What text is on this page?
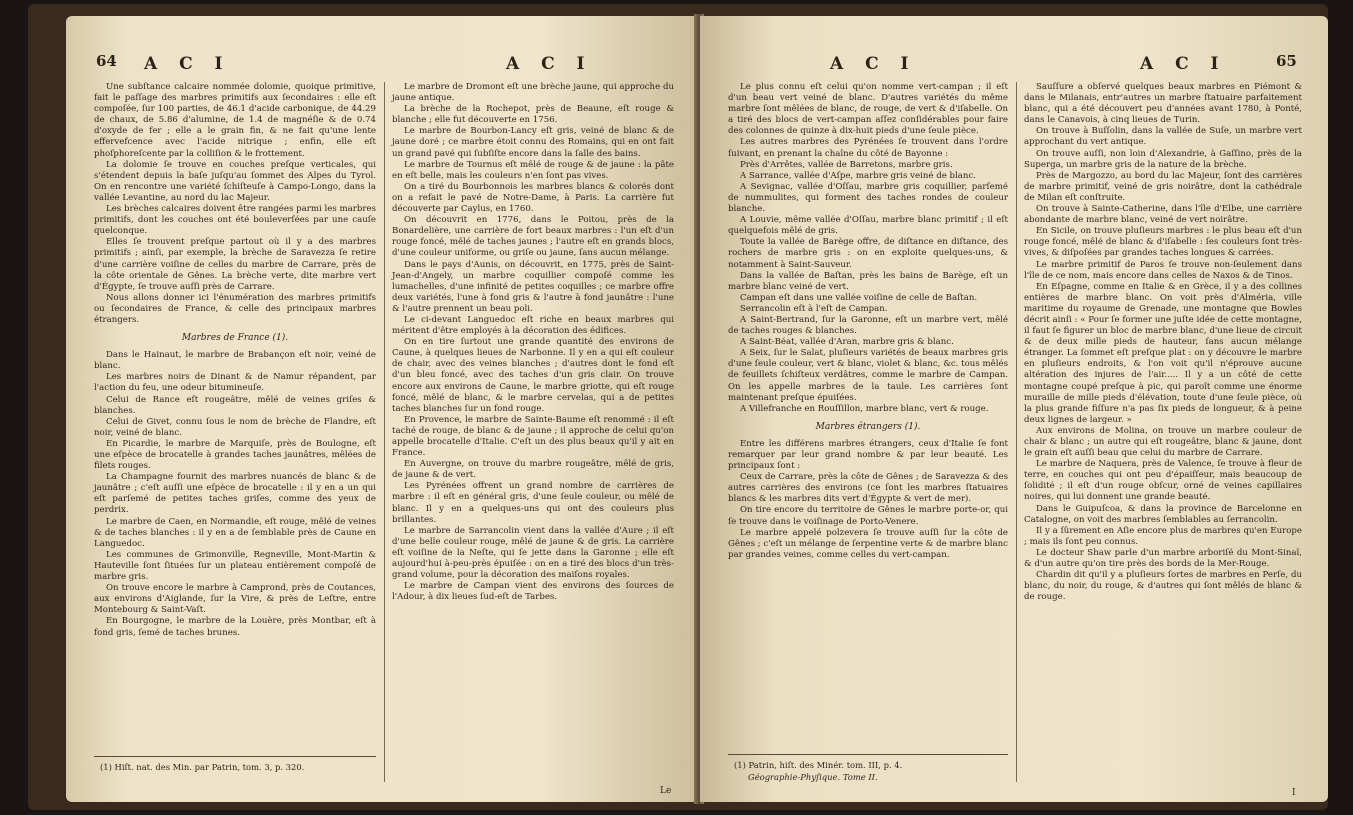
64 A C I	A C I

Une subſtance calcaire nommée dolomie, quoique primitive, fait le paſſage des marbres primitifs aux ſecondaires : elle eſt compoſée, ſur 100 parties, de 46.1 d'acide carbonique, de 44.29 de chaux, de 5.86 d'alumine, de 1.4 de magnéſie & de 0.74 d'oxyde de fer ; elle a le grain fin, & ne fait qu'une lente effervefcence avec l'acide nitrique ; enfin, elle eſt phoſphoreſcente par la colliſion & le frottement.

La dolomie ſe trouve en couches preſque verticales, qui s'étendent depuis la baſe juſqu'au ſommet des Alpes du Tyrol. On en rencontre une variété ſchiſteuſe à Campo-Longo, dans la vallée Levantine, au nord du lac Majeur.

Les brèches calcaires doivent être rangées parmi les marbres primitifs, dont les couches ont été bouleverſées par une cauſe quelconque.

Elles ſe trouvent preſque partout où il y a des marbres primitifs ; ainſi, par exemple, la brèche de Saravezza ſe retire d'une carrière voiſine de celles du marbre de Carrare, près de la côte orientale de Gênes. La brèche verte, dite marbre vert d'Égypte, ſe trouve auſſi près de Carrare.

Nous allons donner ici l'énumération des marbres primitifs ou ſecondaires de France, & celle des principaux marbres étrangers.

Marbres de France (1).

Dans le Hainaut, le marbre de Brabançon eſt noir, veiné de blanc.

Les marbres noirs de Dinant & de Namur répandent, par l'action du feu, une odeur bitumineuſe.

Celui de Rance eſt rougeâtre, mêlé de veines griſes & blanches.

Celui de Givet, connu ſous le nom de brèche de Flandre, eſt noir, veiné de blanc.

En Picardie, le marbre de Marquiſe, près de Boulogne, eſt une eſpèce de brocatelle à grandes taches jaunâtres, mêlées de filets rouges.

La Champagne fournit des marbres nuancés de blanc & de jaunâtre ; c'eſt auſſi une eſpèce de brocatelle : il y en a un qui eſt parſemé de petites taches griſes, comme des yeux de perdrix.

Le marbre de Caen, en Normandie, eſt rouge, mêlé de veines & de taches blanches : il y en a de ſemblable près de Caune en Languedoc.

Les communes de Grimonville, Regneville, Mont-Martin & Hauteville ſont ſituées ſur un plateau entièrement compoſé de marbre gris.

On trouve encore le marbre à Camprond, près de Coutances, aux environs d'Aiglande, ſur la Vire, & près de Leſtre, entre Montebourg & Saint-Vaſt.

En Bourgogne, le marbre de la Louère, près Montbar, eſt à fond gris, ſemé de taches brunes.

(1) Hiſt. nat. des Min. par Patrin, tom. 3, p. 320.

Le marbre de Dromont eſt une brèche jaune, qui approche du jaune antique.

La brèche de la Rochepot, près de Beaune, eſt rouge & blanche ; elle fut découverte en 1756.

Le marbre de Bourbon-Lancy eſt gris, veiné de blanc & de jaune doré ; ce marbre étoit connu des Romains, qui en ont fait un grand pavé qui ſubſiſte encore dans la ſalle des bains.

Le marbre de Tournus eſt mêlé de rouge & de jaune : la pâte en eſt belle, mais les couleurs n'en ſont pas vives.

On a tiré du Bourbonnois les marbres blancs & colorés dont on a refait le pavé de Notre-Dame, à Paris. La carrière fut découverte par Caylus, en 1760.

On découvrit en 1776, dans le Poitou, près de la Bonardelière, une carrière de fort beaux marbres : l'un eſt d'un rouge foncé, mêlé de taches jaunes ; l'autre eſt en grands blocs, d'une couleur uniforme, ou griſe ou jaune, ſans aucun mélange.

Dans le pays d'Aunis, on découvrit, en 1775, près de Saint-Jean-d'Angely, un marbre coquillier compoſé comme les lumachelles, d'une infinité de petites coquilles ; ce marbre offre deux variétés, l'une à fond gris & l'autre à fond jaunâtre : l'une & l'autre prennent un beau poli.

Le ci-devant Languedoc eſt riche en beaux marbres qui méritent d'être employés à la décoration des édifices.

On en tire ſurtout une grande quantité des environs de Caune, à quelques lieues de Narbonne. Il y en a qui eſt couleur de chair, avec des veines blanches ; d'autres dont le fond eſt d'un bleu foncé, avec des taches d'un gris clair. On trouve encore aux environs de Caune, le marbre griotte, qui eſt rouge foncé, mêlé de blanc, & le marbre cervelas, qui a de petites taches blanches ſur un fond rouge.

En Provence, le marbre de Sainte-Baume eſt renommé : il eſt taché de rouge, de blanc & de jaune ; il approche de celui qu'on appelle brocatelle d'Italie. C'eſt un des plus beaux qu'il y ait en France.

En Auvergne, on trouve du marbre rougeâtre, mêlé de gris, de jaune & de vert.

Les Pyrénées offrent un grand nombre de carrières de marbre : il eſt en général gris, d'une ſeule couleur, ou mêlé de blanc. Il y en a quelques-uns qui ont des couleurs plus brillantes.

Le marbre de Sarrancolin vient dans la vallée d'Aure ; il eſt d'une belle couleur rouge, mêlé de jaune & de gris. La carrière eſt voiſine de la Neſte, qui ſe jette dans la Garonne ; elle eſt aujourd'hui à-peu-près épuiſée : on en a tiré des blocs d'un très-grand volume, pour la décoration des maiſons royales.

Le marbre de Campan vient des environs des ſources de l'Adour, à dix lieues ſud-eſt de Tarbes.

Le
A C I	A C I	65

Le plus connu eſt celui qu'on nomme vert-campan ; il eſt d'un beau vert veiné de blanc. D'autres variétés du même marbre ſont mêlées de blanc, de rouge, de vert & d'iſabelle. On a tiré des blocs de vert-campan aſſez conſidérables pour faire des colonnes de quinze à dix-huit pieds d'une ſeule pièce.

Les autres marbres des Pyrénées ſe trouvent dans l'ordre ſuivant, en prenant la chaîne du côté de Bayonne :

Près d'Arrêtes, vallée de Barretons, marbre gris.

A Sarrance, vallée d'Aſpe, marbre gris veiné de blanc.

A Sevignac, vallée d'Oſſau, marbre gris coquillier, parſemé de nummulites, qui forment des taches rondes de couleur blanche.

A Louvie, même vallée d'Oſſau, marbre blanc primitif ; il eſt quelquefois mêlé de gris.

Toute la vallée de Barège offre, de diſtance en diſtance, des rochers de marbre gris : on en exploite quelques-uns, & notamment à Saint-Sauveur.

Dans la vallée de Baſtan, près les bains de Barège, eſt un marbre blanc veiné de vert.

Campan eſt dans une vallée voiſine de celle de Baſtan.

Serrancolin eſt à l'eſt de Campan.

A Saint-Bertrand, ſur la Garonne, eſt un marbre vert, mêlé de taches rouges & blanches.

A Saint-Béat, vallée d'Aran, marbre gris & blanc.

A Seix, ſur le Salat, pluſieurs variétés de beaux marbres gris d'une ſeule couleur, vert & blanc, violet & blanc, &c. tous mêlés de feuillets ſchiſteux verdâtres, comme le marbre de Campan. On les appelle marbres de la taule. Les carrières ſont maintenant preſque épuiſées.

A Villefranche en Rouſſillon, marbre blanc, vert & rouge.

Marbres étrangers (1).

Entre les différens marbres étrangers, ceux d'Italie ſe font remarquer par leur grand nombre & par leur beauté. Les principaux ſont :

Ceux de Carrare, près la côte de Gênes ; de Saravezza & des autres carrières des environs (ce ſont les marbres ſtatuaires blancs & les marbres dits vert d'Égypte & vert de mer).

On tire encore du territoire de Gênes le marbre porte-or, qui ſe trouve dans le voiſinage de Porto-Venere.

Le marbre appelé polzevera ſe trouve auſſi ſur la côte de Gênes ; c'eſt un mélange de ſerpentine verte & de marbre blanc par grandes veines, comme celles du vert-campan.

(1) Patrin, hiſt. des Minér. tom. III, p. 4.
Géographie-Phyſique. Tome II.

Sauſſure a obſervé quelques beaux marbres en Piémont & dans le Milanais, entr'autres un marbre ſtatuaire parfaitement blanc, qui a été découvert peu d'années avant 1780, à Ponté, dans le Canavois, à cinq lieues de Turin.

On trouve à Buſſolin, dans la vallée de Suſe, un marbre vert approchant du vert antique.

On trouve auſſi, non loin d'Alexandrie, à Gaſſino, près de la Superga, un marbre gris de la nature de la brèche.

Près de Margozzo, au bord du lac Majeur, ſont des carrières de marbre primitif, veiné de gris noirâtre, dont la cathédrale de Milan eſt conſtruite.

On trouve à Sainte-Catherine, dans l'île d'Elbe, une carrière abondante de marbre blanc, veiné de vert noirâtre.

En Sicile, on trouve pluſieurs marbres : le plus beau eſt d'un rouge foncé, mêlé de blanc & d'iſabelle : ſes couleurs ſont très-vives, & diſpoſées par grandes taches longues & carrées.

Le marbre primitif de Paros ſe trouve non-ſeulement dans l'île de ce nom, mais encore dans celles de Naxos & de Tinos.

En Eſpagne, comme en Italie & en Grèce, il y a des collines entières de marbre blanc. On voit près d'Alméria, ville maritime du royaume de Grenade, une montagne que Bowles décrit ainſi : « Pour ſe former une juſte idée de cette montagne, il faut ſe figurer un bloc de marbre blanc, d'une lieue de circuit & de deux mille pieds de hauteur, ſans aucun mélange étranger. La ſommet eſt preſque plat : on y découvre le marbre en pluſieurs endroits, & l'on voit qu'il n'éprouve aucune altération des injures de l'air..... Il y a un côté de cette montagne coupé preſque à pic, qui paroît comme une énorme muraille de mille pieds d'élévation, toute d'une ſeule pièce, où la plus grande fiſſure n'a pas ſix pieds de longueur, & à peine deux lignes de largeur. »

Aux environs de Molina, on trouve un marbre couleur de chair & blanc ; un autre qui eſt rougeâtre, blanc & jaune, dont le grain eſt auſſi beau que celui du marbre de Carrare.

Le marbre de Naquera, près de Valence, ſe trouve à fleur de terre, en couches qui ont peu d'épaiſſeur, mais beaucoup de ſolidité ; il eſt d'un rouge obſcur, orné de veines capillaires noires, qui lui donnent une grande beauté.

Dans le Guipuſcoa, & dans la province de Barcelonne en Catalogne, on voit des marbres ſemblables au ſerrancolin.

Il y a ſûrement en Aſie encore plus de marbres qu'en Europe ; mais ils ſont peu connus.

Le docteur Shaw parle d'un marbre arboriſé du Mont-Sinaï, & d'un autre qu'on tire près des bords de la Mer-Rouge.

Chardin dit qu'il y a pluſieurs ſortes de marbres en Perſe, du blanc, du noir, du rouge, & d'autres qui ſont mêlés de blanc & de rouge.

I
